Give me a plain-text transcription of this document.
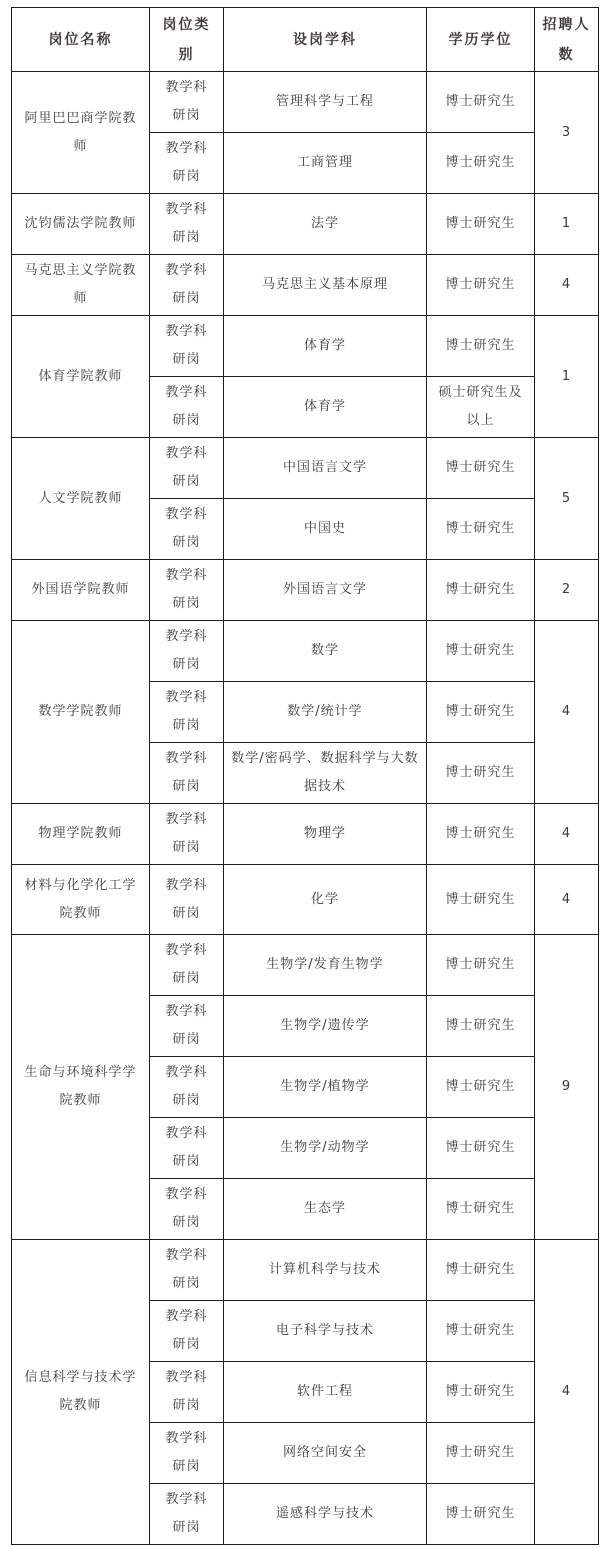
岗位名称	岗位类别	设岗学科	学历学位	招聘人数
阿里巴巴商学院教师	教学科研岗	管理科学与工程	博士研究生	3
	教学科研岗	工商管理	博士研究生	
沈钧儒法学院教师	教学科研岗	法学	博士研究生	1
马克思主义学院教师	教学科研岗	马克思主义基本原理	博士研究生	4
体育学院教师	教学科研岗	体育学	博士研究生	1
	教学科研岗	体育学	硕士研究生及以上	
人文学院教师	教学科研岗	中国语言文学	博士研究生	5
	教学科研岗	中国史	博士研究生	
外国语学院教师	教学科研岗	外国语言文学	博士研究生	2
数学学院教师	教学科研岗	数学	博士研究生	4
	教学科研岗	数学/统计学	博士研究生	
	教学科研岗	数学/密码学、数据科学与大数据技术	博士研究生	
物理学院教师	教学科研岗	物理学	博士研究生	4
材料与化学化工学院教师	教学科研岗	化学	博士研究生	4
生命与环境科学学院教师	教学科研岗	生物学/发育生物学	博士研究生	9
	教学科研岗	生物学/遗传学	博士研究生	
	教学科研岗	生物学/植物学	博士研究生	
	教学科研岗	生物学/动物学	博士研究生	
	教学科研岗	生态学	博士研究生	
信息科学与技术学院教师	教学科研岗	计算机科学与技术	博士研究生	4
	教学科研岗	电子科学与技术	博士研究生	
	教学科研岗	软件工程	博士研究生	
	教学科研岗	网络空间安全	博士研究生	
	教学科研岗	遥感科学与技术	博士研究生	
